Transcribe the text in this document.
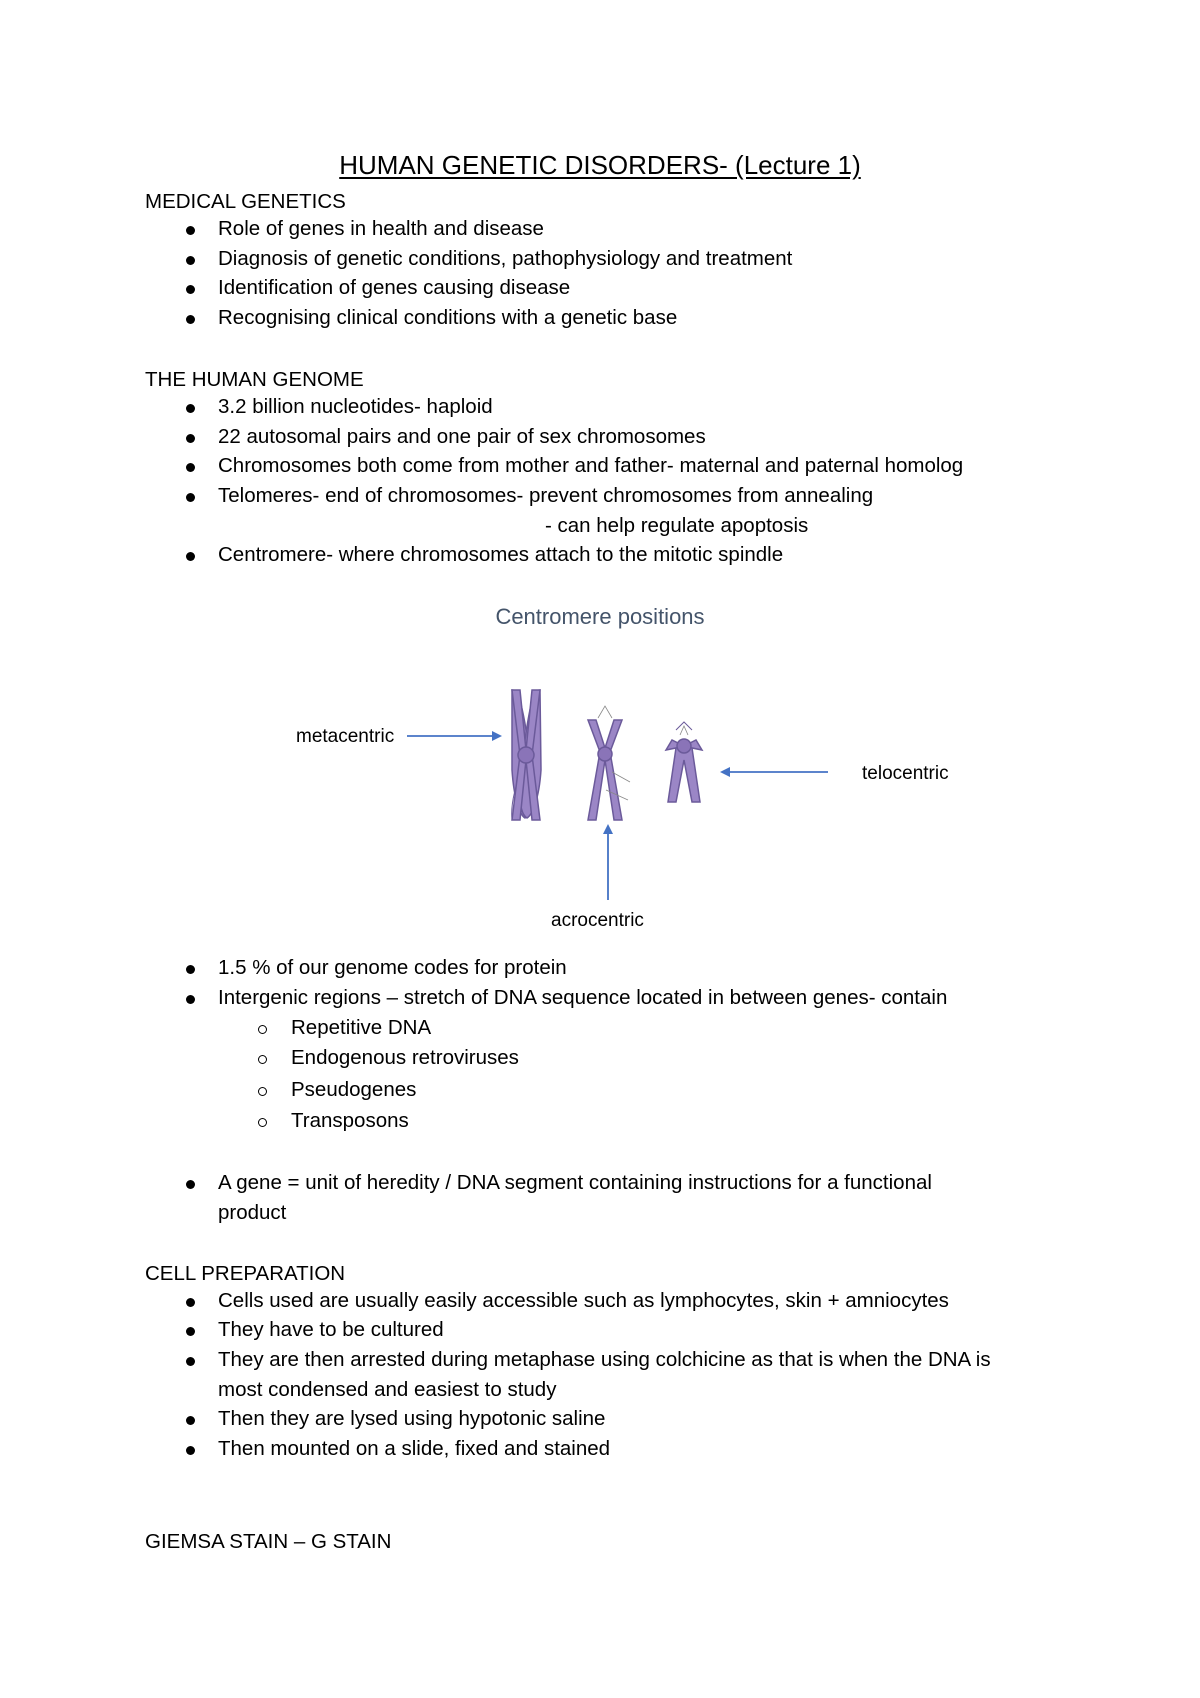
HUMAN GENETIC DISORDERS- (Lecture 1)
MEDICAL GENETICS
Role of genes in health and disease
Diagnosis of genetic conditions, pathophysiology and treatment
Identification of genes causing disease
Recognising clinical conditions with a genetic base
THE HUMAN GENOME
3.2 billion nucleotides- haploid
22 autosomal pairs and one pair of sex chromosomes
Chromosomes both come from mother and father- maternal and paternal homolog
Telomeres- end of chromosomes- prevent chromosomes from annealing
- can help regulate apoptosis
Centromere- where chromosomes attach to the mitotic spindle
Centromere positions
metacentric
telocentric
acrocentric
1.5 % of our genome codes for protein
Intergenic regions – stretch of DNA sequence located in between genes- contain
Repetitive DNA
Endogenous retroviruses
Pseudogenes
Transposons
A gene = unit of heredity / DNA segment containing instructions for a functional
product
CELL PREPARATION
Cells used are usually easily accessible such as lymphocytes, skin + amniocytes
They have to be cultured
They are then arrested during metaphase using colchicine as that is when the DNA is
most condensed and easiest to study
Then they are lysed using hypotonic saline
Then mounted on a slide, fixed and stained
GIEMSA STAIN – G STAIN
